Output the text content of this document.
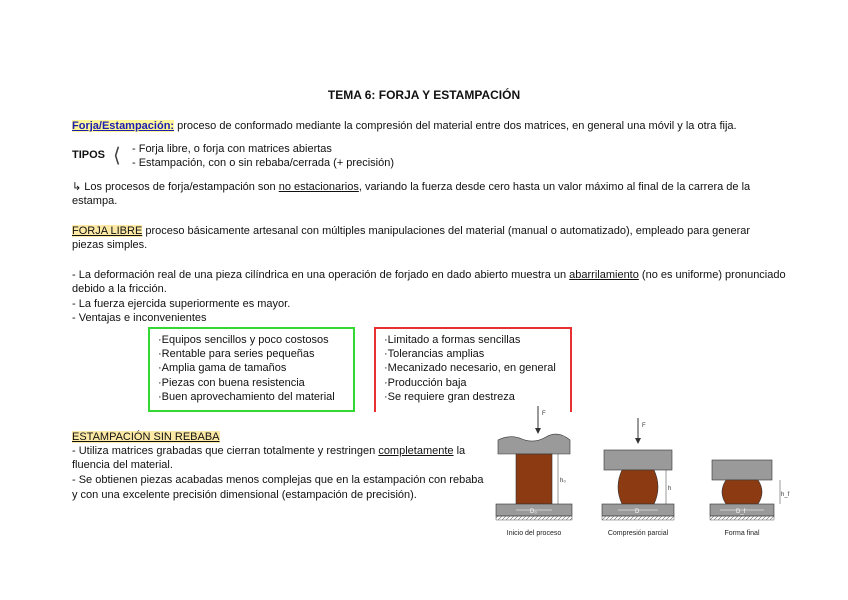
TEMA 6: FORJA Y ESTAMPACIÓN
Forja/Estampación: proceso de conformado mediante la compresión del material entre dos matrices, en general una móvil y la otra fija.
TIPOS ⟨ - Forja libre, o forja con matrices abiertas
- Estampación, con o sin rebaba/cerrada (+ precisión)
↳ Los procesos de forja/estampación son no estacionarios, variando la fuerza desde cero hasta un valor máximo al final de la carrera de la
estampa.
FORJA LIBRE proceso básicamente artesanal con múltiples manipulaciones del material (manual o automatizado), empleado para generar
piezas simples.
- La deformación real de una pieza cilíndrica en una operación de forjado en dado abierto muestra un abarrilamiento (no es uniforme) pronunciado
debido a la fricción.
- La fuerza ejercida superiormente es mayor.
- Ventajas e inconvenientes
·Equipos sencillos y poco costosos
·Rentable para series pequeñas
·Amplia gama de tamaños
·Piezas con buena resistencia
·Buen aprovechamiento del material
·Limitado a formas sencillas
·Tolerancias amplias
·Mecanizado necesario, en general
·Producción baja
·Se requiere gran destreza
ESTAMPACIÓN SIN REBABA
- Utiliza matrices grabadas que cierran totalmente y restringen completamente la
fluencia del material.
- Se obtienen piezas acabadas menos complejas que en la estampación con rebaba
y con una excelente precisión dimensional (estampación de precisión).
F
h₀
D₀
Inicio del proceso
F
h
D
Compresión parcial
h_f
D_f
Forma final
